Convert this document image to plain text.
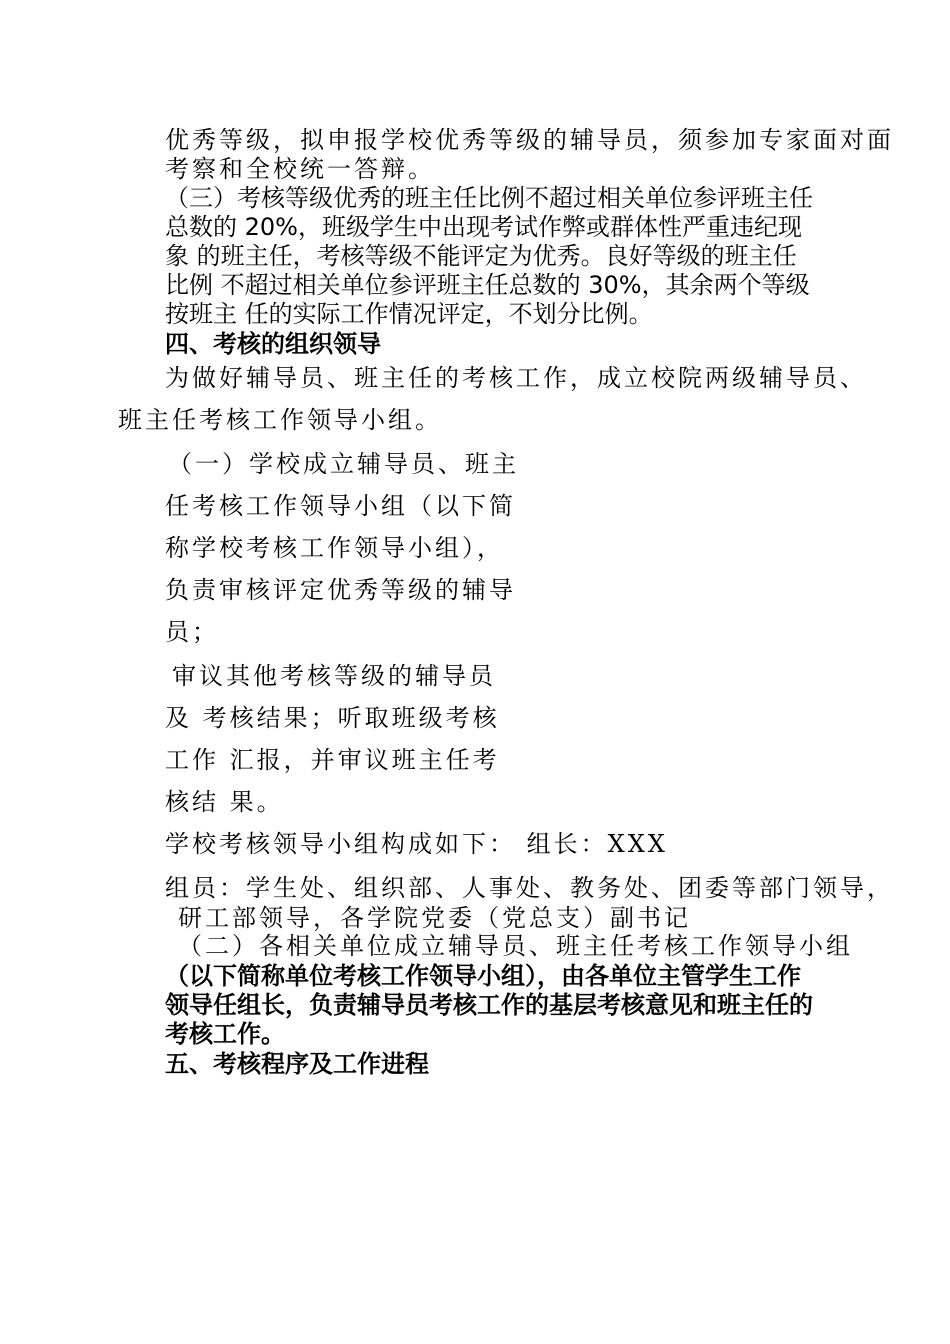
优秀等级，拟申报学校优秀等级的辅导员，须参加专家面对面

考察和全校统一答辩。

（三）考核等级优秀的班主任比例不超过相关单位参评班主任

总数的 20%，班级学生中出现考试作弊或群体性严重违纪现

象 的班主任，考核等级不能评定为优秀。良好等级的班主任

比例 不超过相关单位参评班主任总数的 30%，其余两个等级

按班主 任的实际工作情况评定，不划分比例。

四、考核的组织领导

为做好辅导员、班主任的考核工作，成立校院两级辅导员、

班主任考核工作领导小组。

（一）学校成立辅导员、班主

任考核工作领导小组（以下简

称学校考核工作领导小组），

负责审核评定优秀等级的辅导

员；

审议其他考核等级的辅导员

及 考核结果；听取班级考核

工作 汇报，并审议班主任考

核结 果。

学校考核领导小组构成如下： 组长：XXX

组员：学生处、组织部、人事处、教务处、团委等部门领导，

研工部领导，各学院党委（党总支）副书记

（二）各相关单位成立辅导员、班主任考核工作领导小组

（以下简称单位考核工作领导小组），由各单位主管学生工作

领导任组长，负责辅导员考核工作的基层考核意见和班主任的

考核工作。

五、考核程序及工作进程
